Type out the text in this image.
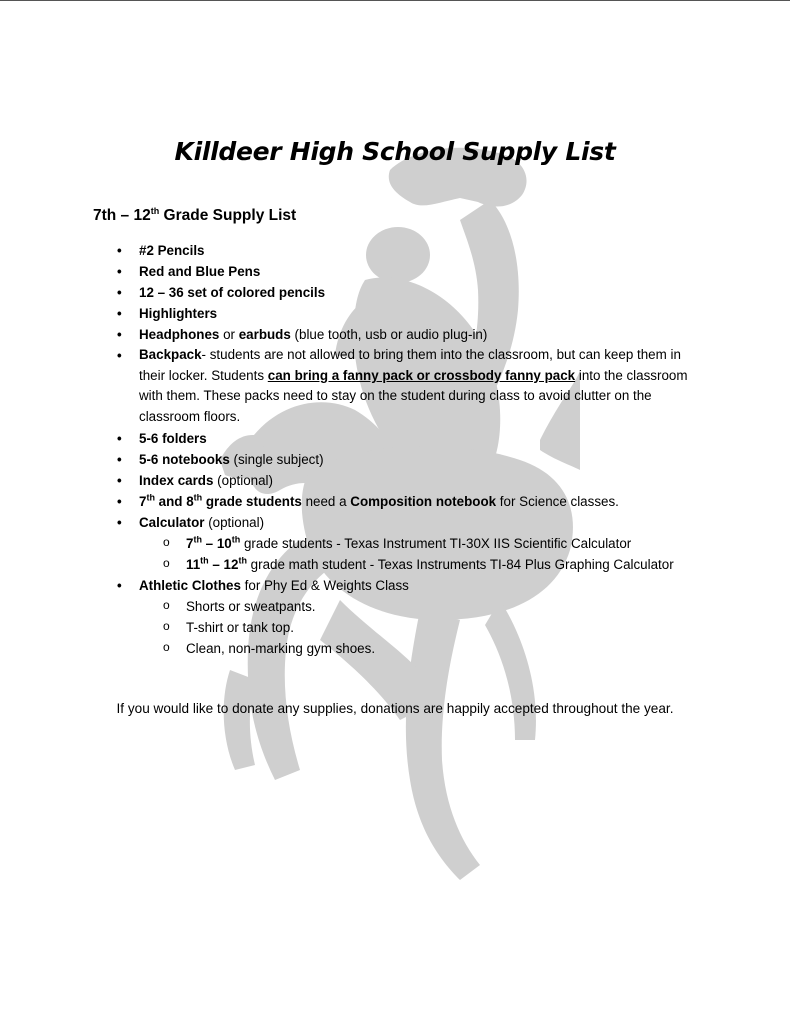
Killdeer High School Supply List
7th – 12th Grade Supply List
• #2 Pencils
• Red and Blue Pens
• 12 – 36 set of colored pencils
• Highlighters
• Headphones or earbuds (blue tooth, usb or audio plug-in)
• Backpack- students are not allowed to bring them into the classroom, but can keep them in their locker. Students can bring a fanny pack or crossbody fanny pack into the classroom with them. These packs need to stay on the student during class to avoid clutter on the classroom floors.
• 5-6 folders
• 5-6 notebooks (single subject)
• Index cards (optional)
• 7th and 8th grade students need a Composition notebook for Science classes.
• Calculator (optional)
o 7th – 10th grade students - Texas Instrument TI-30X IIS Scientific Calculator
o 11th – 12th grade math student - Texas Instruments TI-84 Plus Graphing Calculator
• Athletic Clothes for Phy Ed & Weights Class
o Shorts or sweatpants.
o T-shirt or tank top.
o Clean, non-marking gym shoes.

If you would like to donate any supplies, donations are happily accepted throughout the year.
